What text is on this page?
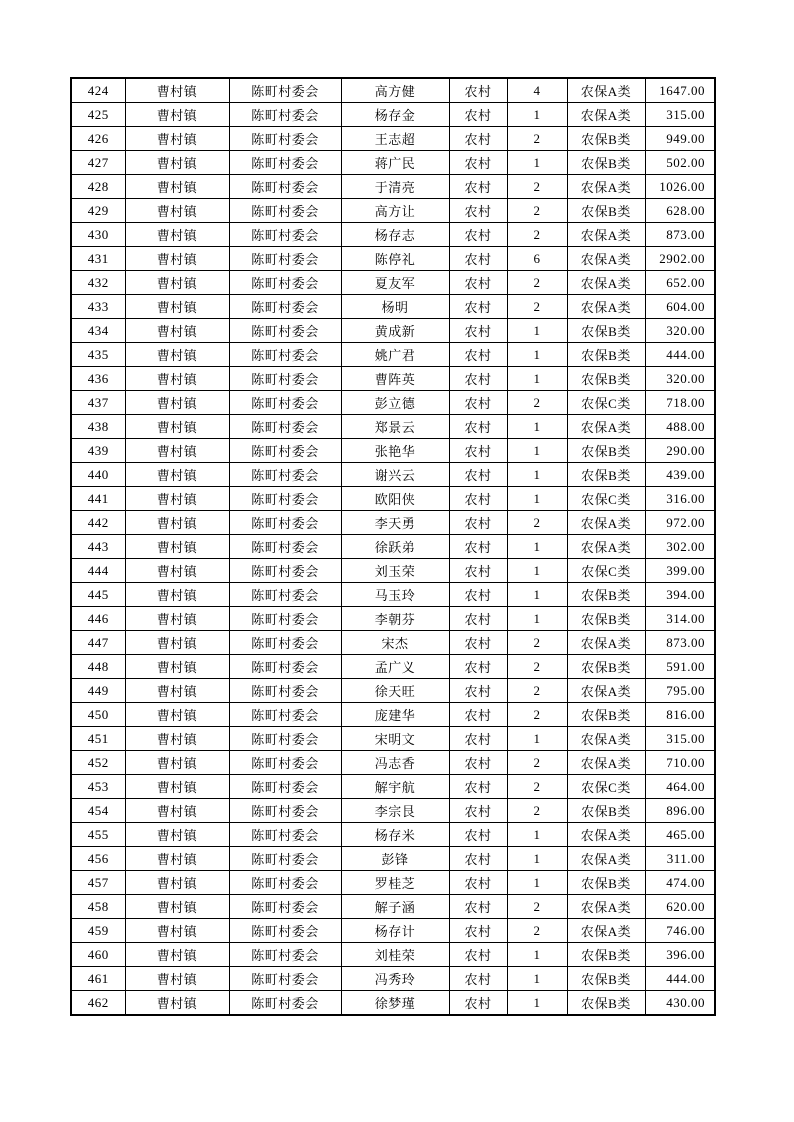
424	曹村镇	陈町村委会	高方健	农村	4	农保A类	1647.00
425	曹村镇	陈町村委会	杨存金	农村	1	农保A类	315.00
426	曹村镇	陈町村委会	王志超	农村	2	农保B类	949.00
427	曹村镇	陈町村委会	蒋广民	农村	1	农保B类	502.00
428	曹村镇	陈町村委会	于清亮	农村	2	农保A类	1026.00
429	曹村镇	陈町村委会	高方让	农村	2	农保B类	628.00
430	曹村镇	陈町村委会	杨存志	农村	2	农保A类	873.00
431	曹村镇	陈町村委会	陈停礼	农村	6	农保A类	2902.00
432	曹村镇	陈町村委会	夏友军	农村	2	农保A类	652.00
433	曹村镇	陈町村委会	杨明	农村	2	农保A类	604.00
434	曹村镇	陈町村委会	黄成新	农村	1	农保B类	320.00
435	曹村镇	陈町村委会	姚广君	农村	1	农保B类	444.00
436	曹村镇	陈町村委会	曹阵英	农村	1	农保B类	320.00
437	曹村镇	陈町村委会	彭立德	农村	2	农保C类	718.00
438	曹村镇	陈町村委会	郑景云	农村	1	农保A类	488.00
439	曹村镇	陈町村委会	张艳华	农村	1	农保B类	290.00
440	曹村镇	陈町村委会	谢兴云	农村	1	农保B类	439.00
441	曹村镇	陈町村委会	欧阳侠	农村	1	农保C类	316.00
442	曹村镇	陈町村委会	李天勇	农村	2	农保A类	972.00
443	曹村镇	陈町村委会	徐跃弟	农村	1	农保A类	302.00
444	曹村镇	陈町村委会	刘玉荣	农村	1	农保C类	399.00
445	曹村镇	陈町村委会	马玉玲	农村	1	农保B类	394.00
446	曹村镇	陈町村委会	李朝芬	农村	1	农保B类	314.00
447	曹村镇	陈町村委会	宋杰	农村	2	农保A类	873.00
448	曹村镇	陈町村委会	孟广义	农村	2	农保B类	591.00
449	曹村镇	陈町村委会	徐天旺	农村	2	农保A类	795.00
450	曹村镇	陈町村委会	庞建华	农村	2	农保B类	816.00
451	曹村镇	陈町村委会	宋明文	农村	1	农保A类	315.00
452	曹村镇	陈町村委会	冯志香	农村	2	农保A类	710.00
453	曹村镇	陈町村委会	解宇航	农村	2	农保C类	464.00
454	曹村镇	陈町村委会	李宗艮	农村	2	农保B类	896.00
455	曹村镇	陈町村委会	杨存米	农村	1	农保A类	465.00
456	曹村镇	陈町村委会	彭锋	农村	1	农保A类	311.00
457	曹村镇	陈町村委会	罗桂芝	农村	1	农保B类	474.00
458	曹村镇	陈町村委会	解子涵	农村	2	农保A类	620.00
459	曹村镇	陈町村委会	杨存计	农村	2	农保A类	746.00
460	曹村镇	陈町村委会	刘桂荣	农村	1	农保B类	396.00
461	曹村镇	陈町村委会	冯秀玲	农村	1	农保B类	444.00
462	曹村镇	陈町村委会	徐梦瑾	农村	1	农保B类	430.00
